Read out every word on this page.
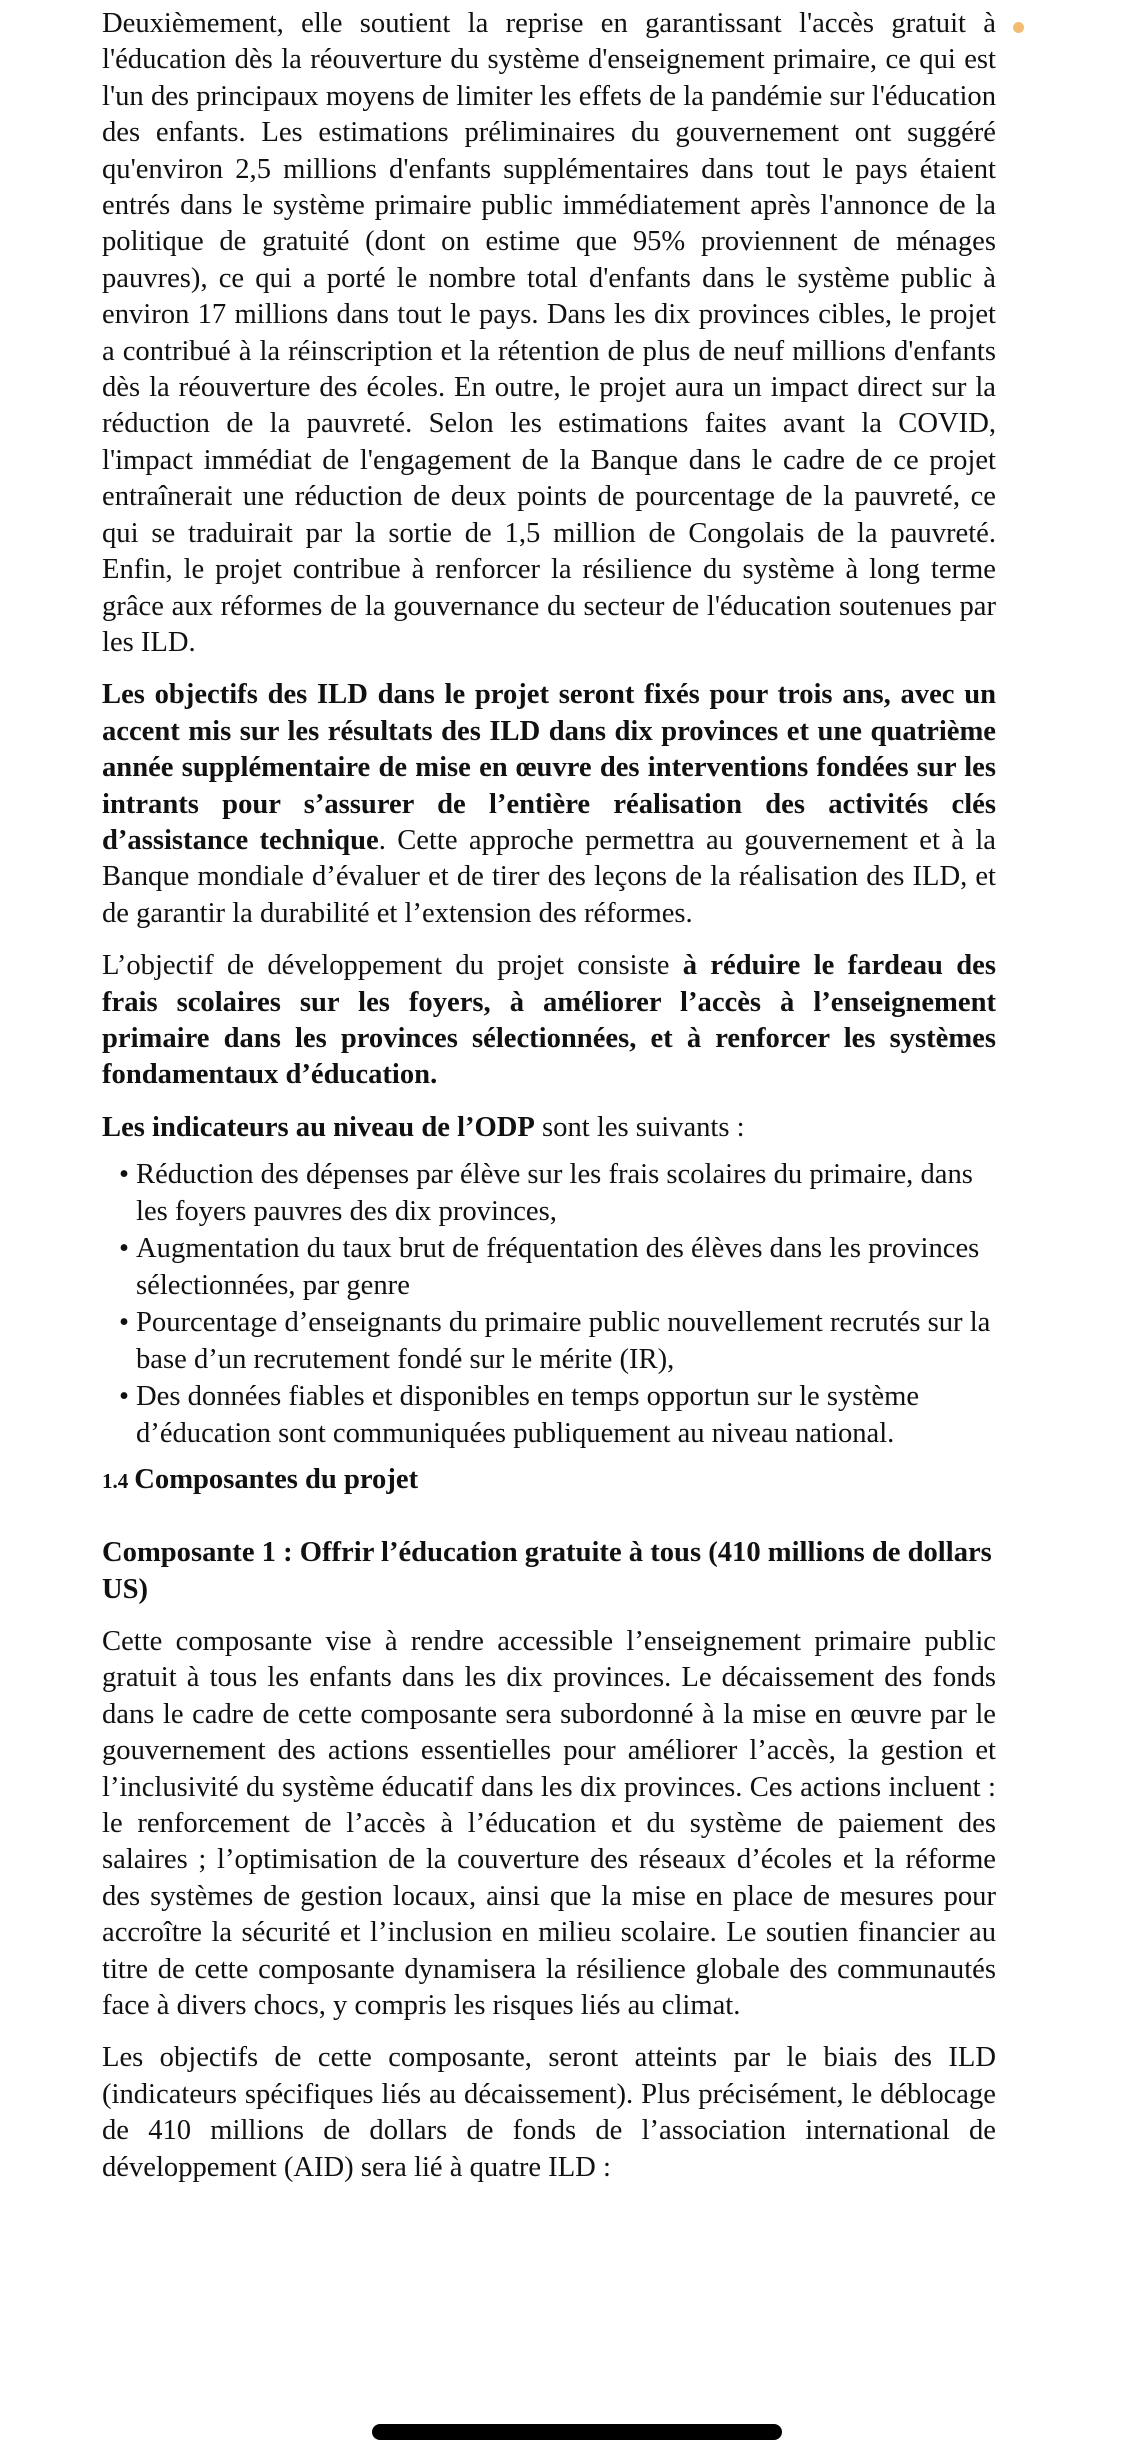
Deuxièmement, elle soutient la reprise en garantissant l'accès gratuit à l'éducation dès la réouverture du système d'enseignement primaire, ce qui est l'un des principaux moyens de limiter les effets de la pandémie sur l'éducation des enfants. Les estimations préliminaires du gouvernement ont suggéré qu'environ 2,5 millions d'enfants supplémentaires dans tout le pays étaient entrés dans le système primaire public immédiatement après l'annonce de la politique de gratuité (dont on estime que 95% proviennent de ménages pauvres), ce qui a porté le nombre total d'enfants dans le système public à environ 17 millions dans tout le pays. Dans les dix provinces cibles, le projet a contribué à la réinscription et la rétention de plus de neuf millions d'enfants dès la réouverture des écoles. En outre, le projet aura un impact direct sur la réduction de la pauvreté. Selon les estimations faites avant la COVID, l'impact immédiat de l'engagement de la Banque dans le cadre de ce projet entraînerait une réduction de deux points de pourcentage de la pauvreté, ce qui se traduirait par la sortie de 1,5 million de Congolais de la pauvreté. Enfin, le projet contribue à renforcer la résilience du système à long terme grâce aux réformes de la gouvernance du secteur de l'éducation soutenues par les ILD.

Les objectifs des ILD dans le projet seront fixés pour trois ans, avec un accent mis sur les résultats des ILD dans dix provinces et une quatrième année supplémentaire de mise en œuvre des interventions fondées sur les intrants pour s’assurer de l’entière réalisation des activités clés d’assistance technique. Cette approche permettra au gouvernement et à la Banque mondiale d’évaluer et de tirer des leçons de la réalisation des ILD, et de garantir la durabilité et l’extension des réformes.

L’objectif de développement du projet consiste à réduire le fardeau des frais scolaires sur les foyers, à améliorer l’accès à l’enseignement primaire dans les provinces sélectionnées, et à renforcer les systèmes fondamentaux d’éducation.

Les indicateurs au niveau de l’ODP sont les suivants :

• Réduction des dépenses par élève sur les frais scolaires du primaire, dans les foyers pauvres des dix provinces,
• Augmentation du taux brut de fréquentation des élèves dans les provinces sélectionnées, par genre
• Pourcentage d’enseignants du primaire public nouvellement recrutés sur la base d’un recrutement fondé sur le mérite (IR),
• Des données fiables et disponibles en temps opportun sur le système d’éducation sont communiquées publiquement au niveau national.
1.4 Composantes du projet
Composante 1 : Offrir l’éducation gratuite à tous (410 millions de dollars US)

Cette composante vise à rendre accessible l’enseignement primaire public gratuit à tous les enfants dans les dix provinces. Le décaissement des fonds dans le cadre de cette composante sera subordonné à la mise en œuvre par le gouvernement des actions essentielles pour améliorer l’accès, la gestion et l’inclusivité du système éducatif dans les dix provinces. Ces actions incluent : le renforcement de l’accès à l’éducation et du système de paiement des salaires ; l’optimisation de la couverture des réseaux d’écoles et la réforme des systèmes de gestion locaux, ainsi que la mise en place de mesures pour accroître la sécurité et l’inclusion en milieu scolaire. Le soutien financier au titre de cette composante dynamisera la résilience globale des communautés face à divers chocs, y compris les risques liés au climat.

Les objectifs de cette composante, seront atteints par le biais des ILD (indicateurs spécifiques liés au décaissement). Plus précisément, le déblocage de 410 millions de dollars de fonds de l’association international de développement (AID) sera lié à quatre ILD :
